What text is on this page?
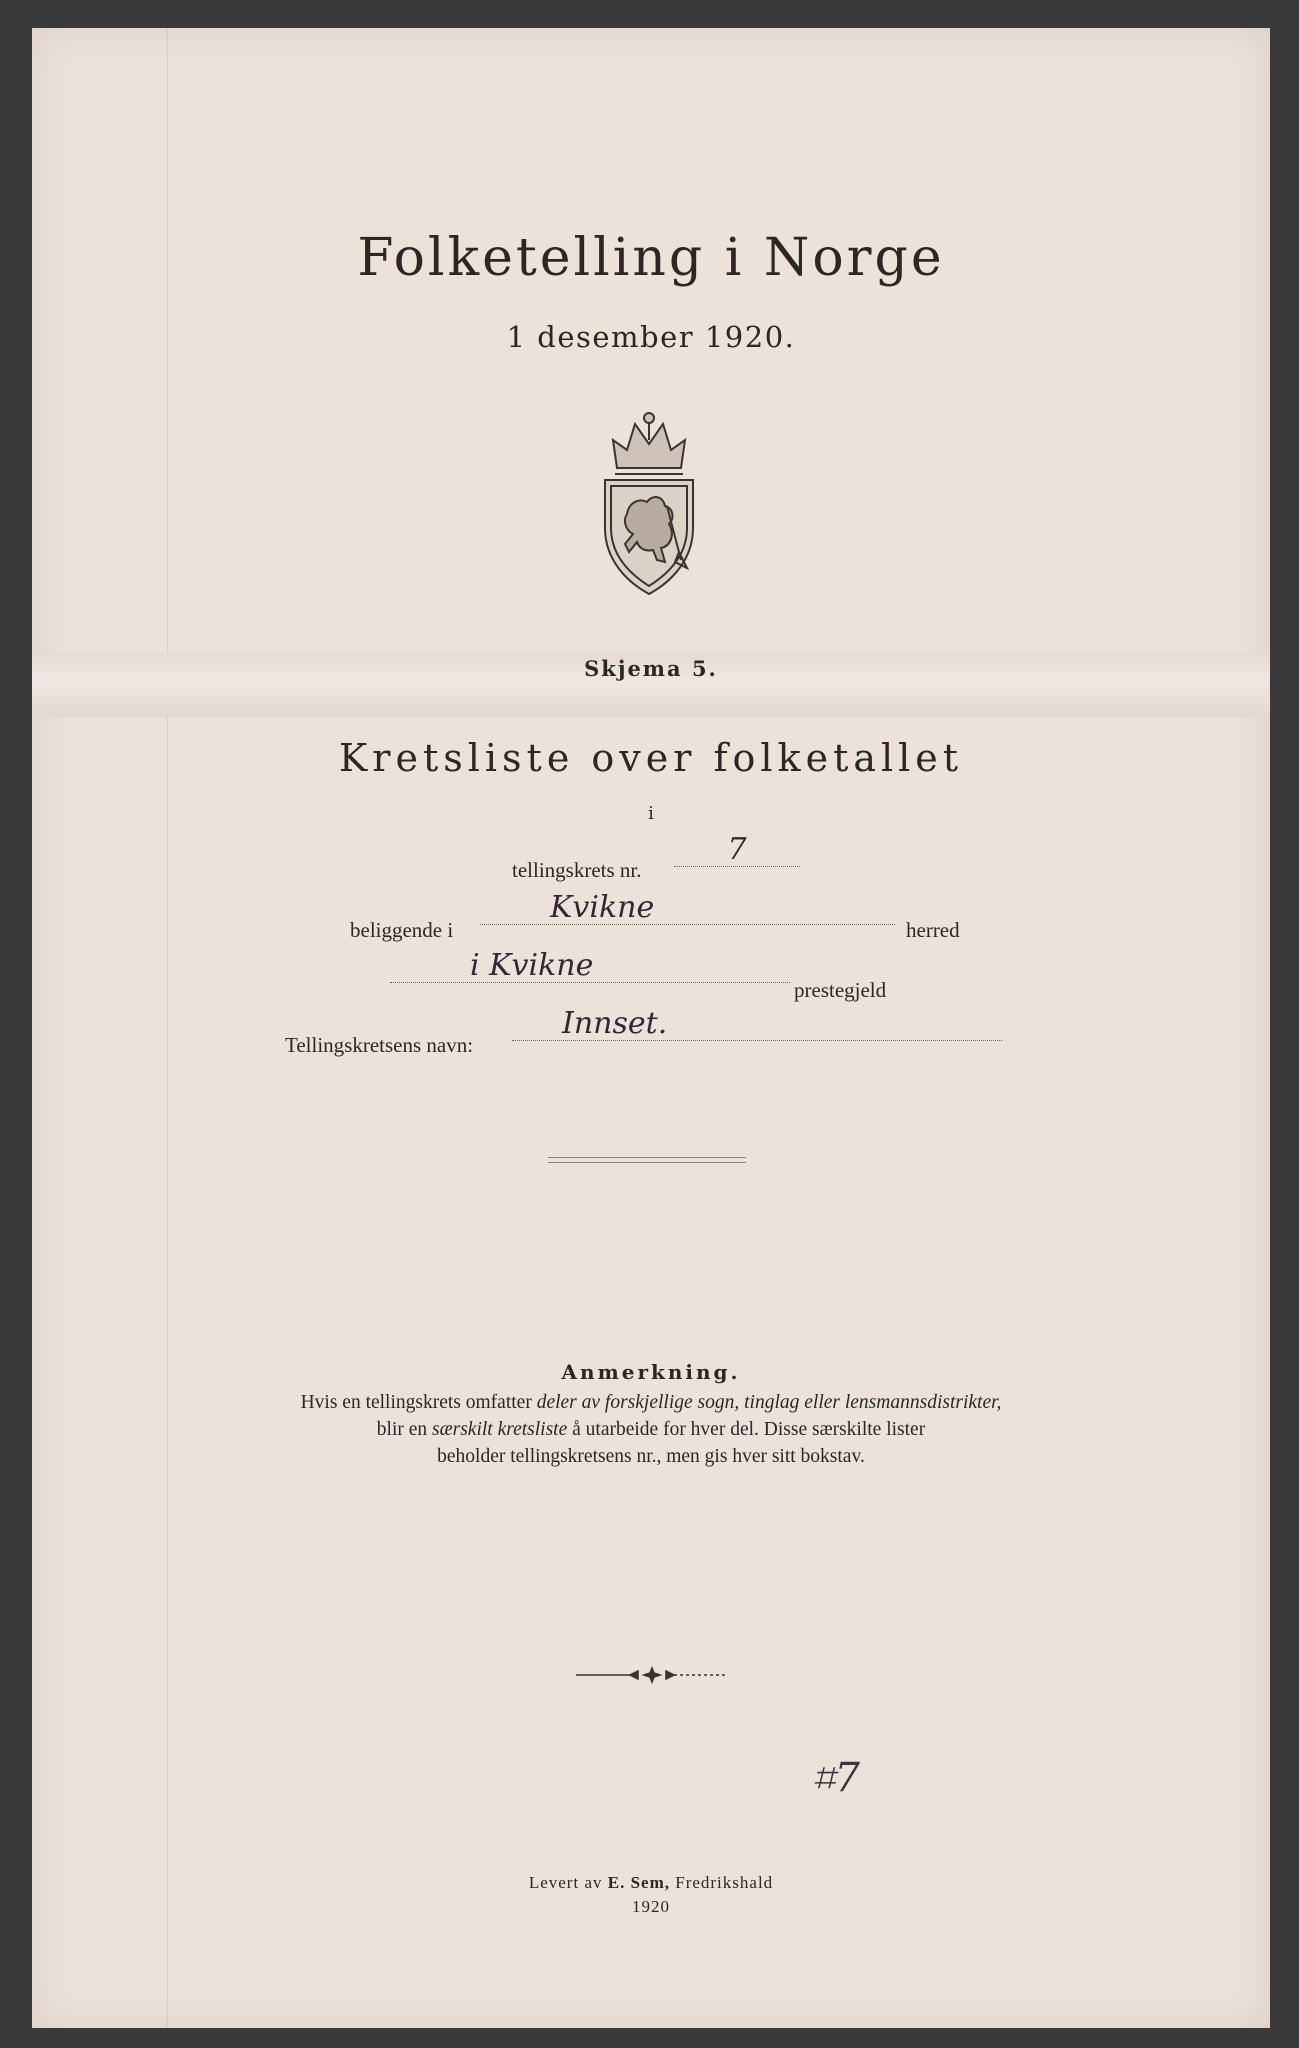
Folketelling i Norge
1 desember 1920.
Skjema 5.
Kretsliste over folketallet
i
tellingskrets nr.
7
beliggende i
Kvikne
herred
i Kvikne
prestegjeld
Tellingskretsens navn:
Innset.
Anmerkning.
Hvis en tellingskrets omfatter deler av forskjellige sogn, tinglag eller lensmannsdistrikter,
blir en særskilt kretsliste å utarbeide for hver del. Disse særskilte lister
beholder tellingskretsens nr., men gis hver sitt bokstav.
⌗7
Levert av E. Sem, Fredrikshald
1920
